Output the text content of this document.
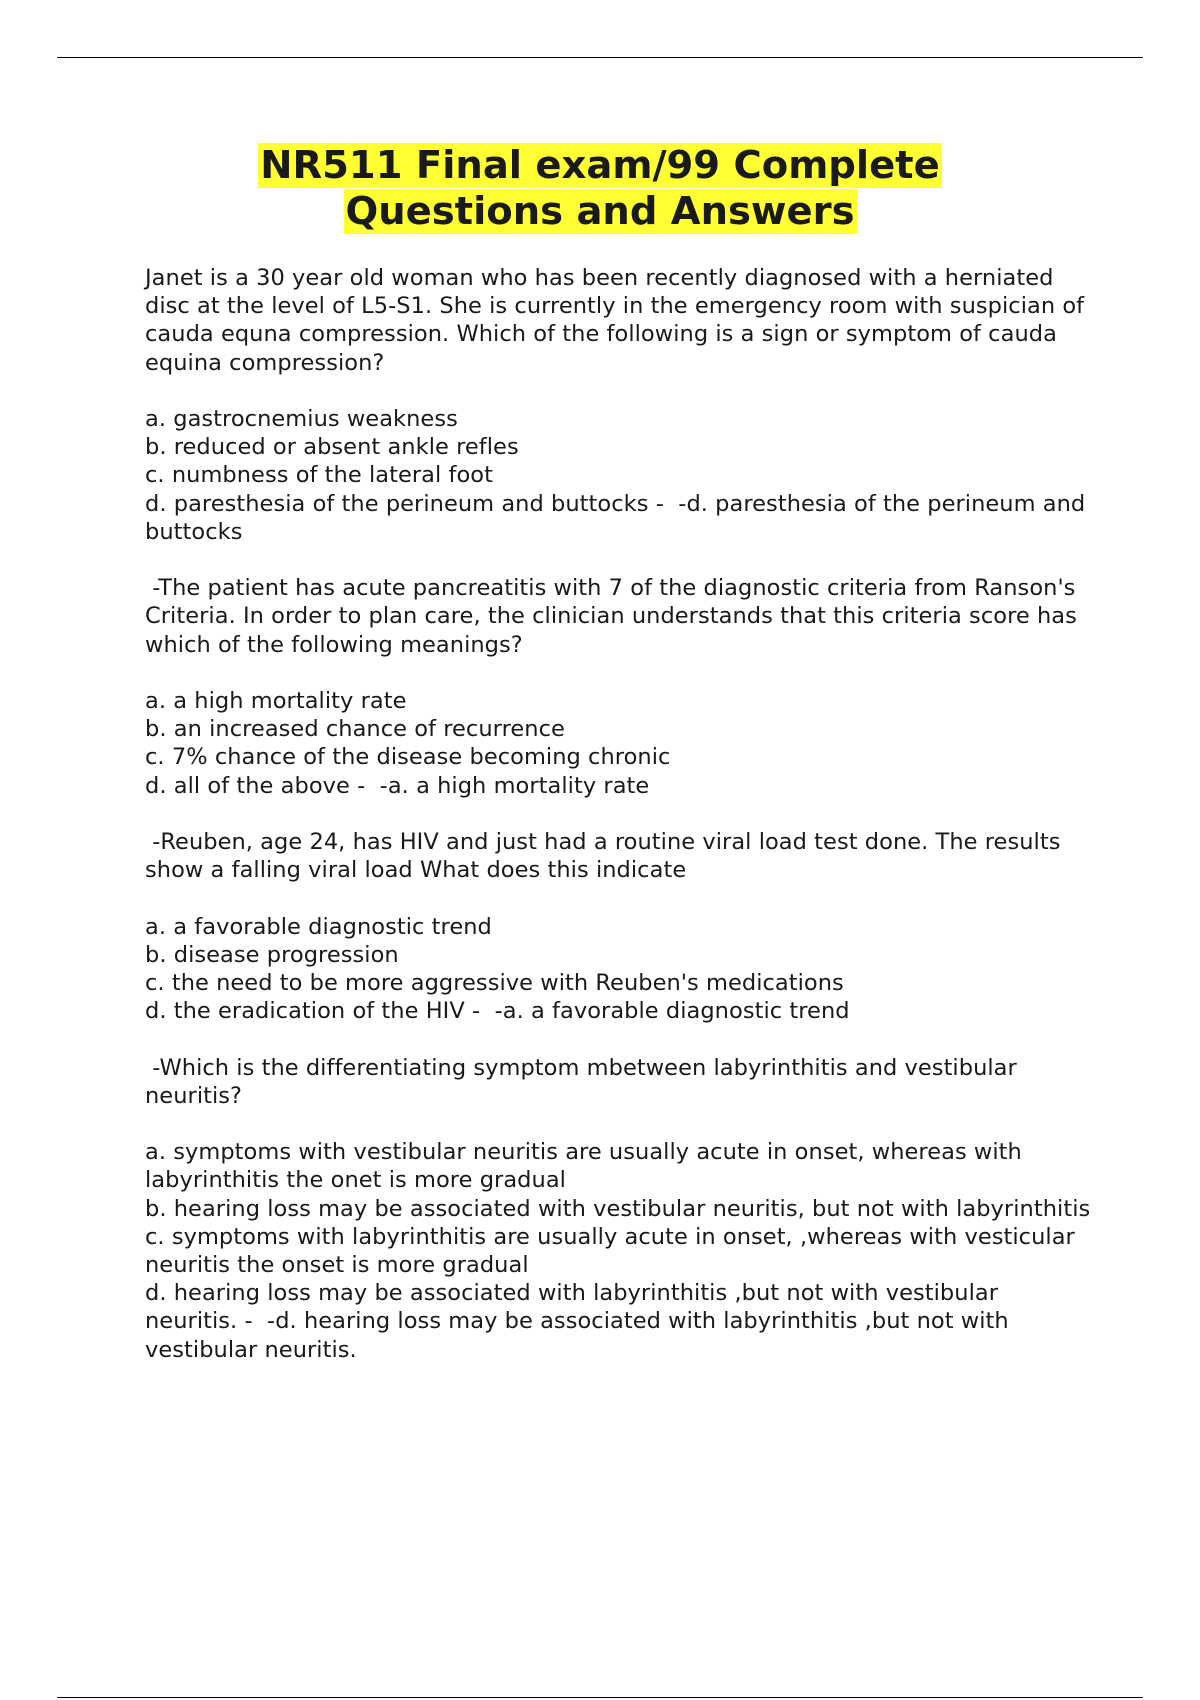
NR511 Final exam/99 Complete
Questions and Answers

Janet is a 30 year old woman who has been recently diagnosed with a herniated disc at the level of L5-S1. She is currently in the emergency room with suspician of cauda equna compression. Which of the following is a sign or symptom of cauda equina compression?

a. gastrocnemius weakness

b. reduced or absent ankle refles

c. numbness of the lateral foot

d. paresthesia of the perineum and buttocks -  -d. paresthesia of the perineum and buttocks

-The patient has acute pancreatitis with 7 of the diagnostic criteria from Ranson's Criteria. In order to plan care, the clinician understands that this criteria score has which of the following meanings?

a. a high mortality rate

b. an increased chance of recurrence

c. 7% chance of the disease becoming chronic

d. all of the above -  -a. a high mortality rate

-Reuben, age 24, has HIV and just had a routine viral load test done. The results show a falling viral load What does this indicate

a. a favorable diagnostic trend

b. disease progression

c. the need to be more aggressive with Reuben's medications

d. the eradication of the HIV -  -a. a favorable diagnostic trend

-Which is the differentiating symptom mbetween labyrinthitis and vestibular neuritis?

a. symptoms with vestibular neuritis are usually acute in onset, whereas with labyrinthitis the onet is more gradual

b. hearing loss may be associated with vestibular neuritis, but not with labyrinthitis

c. symptoms with labyrinthitis are usually acute in onset, ,whereas with vesticular neuritis the onset is more gradual

d. hearing loss may be associated with labyrinthitis ,but not with vestibular neuritis. -  -d. hearing loss may be associated with labyrinthitis ,but not with vestibular neuritis.
